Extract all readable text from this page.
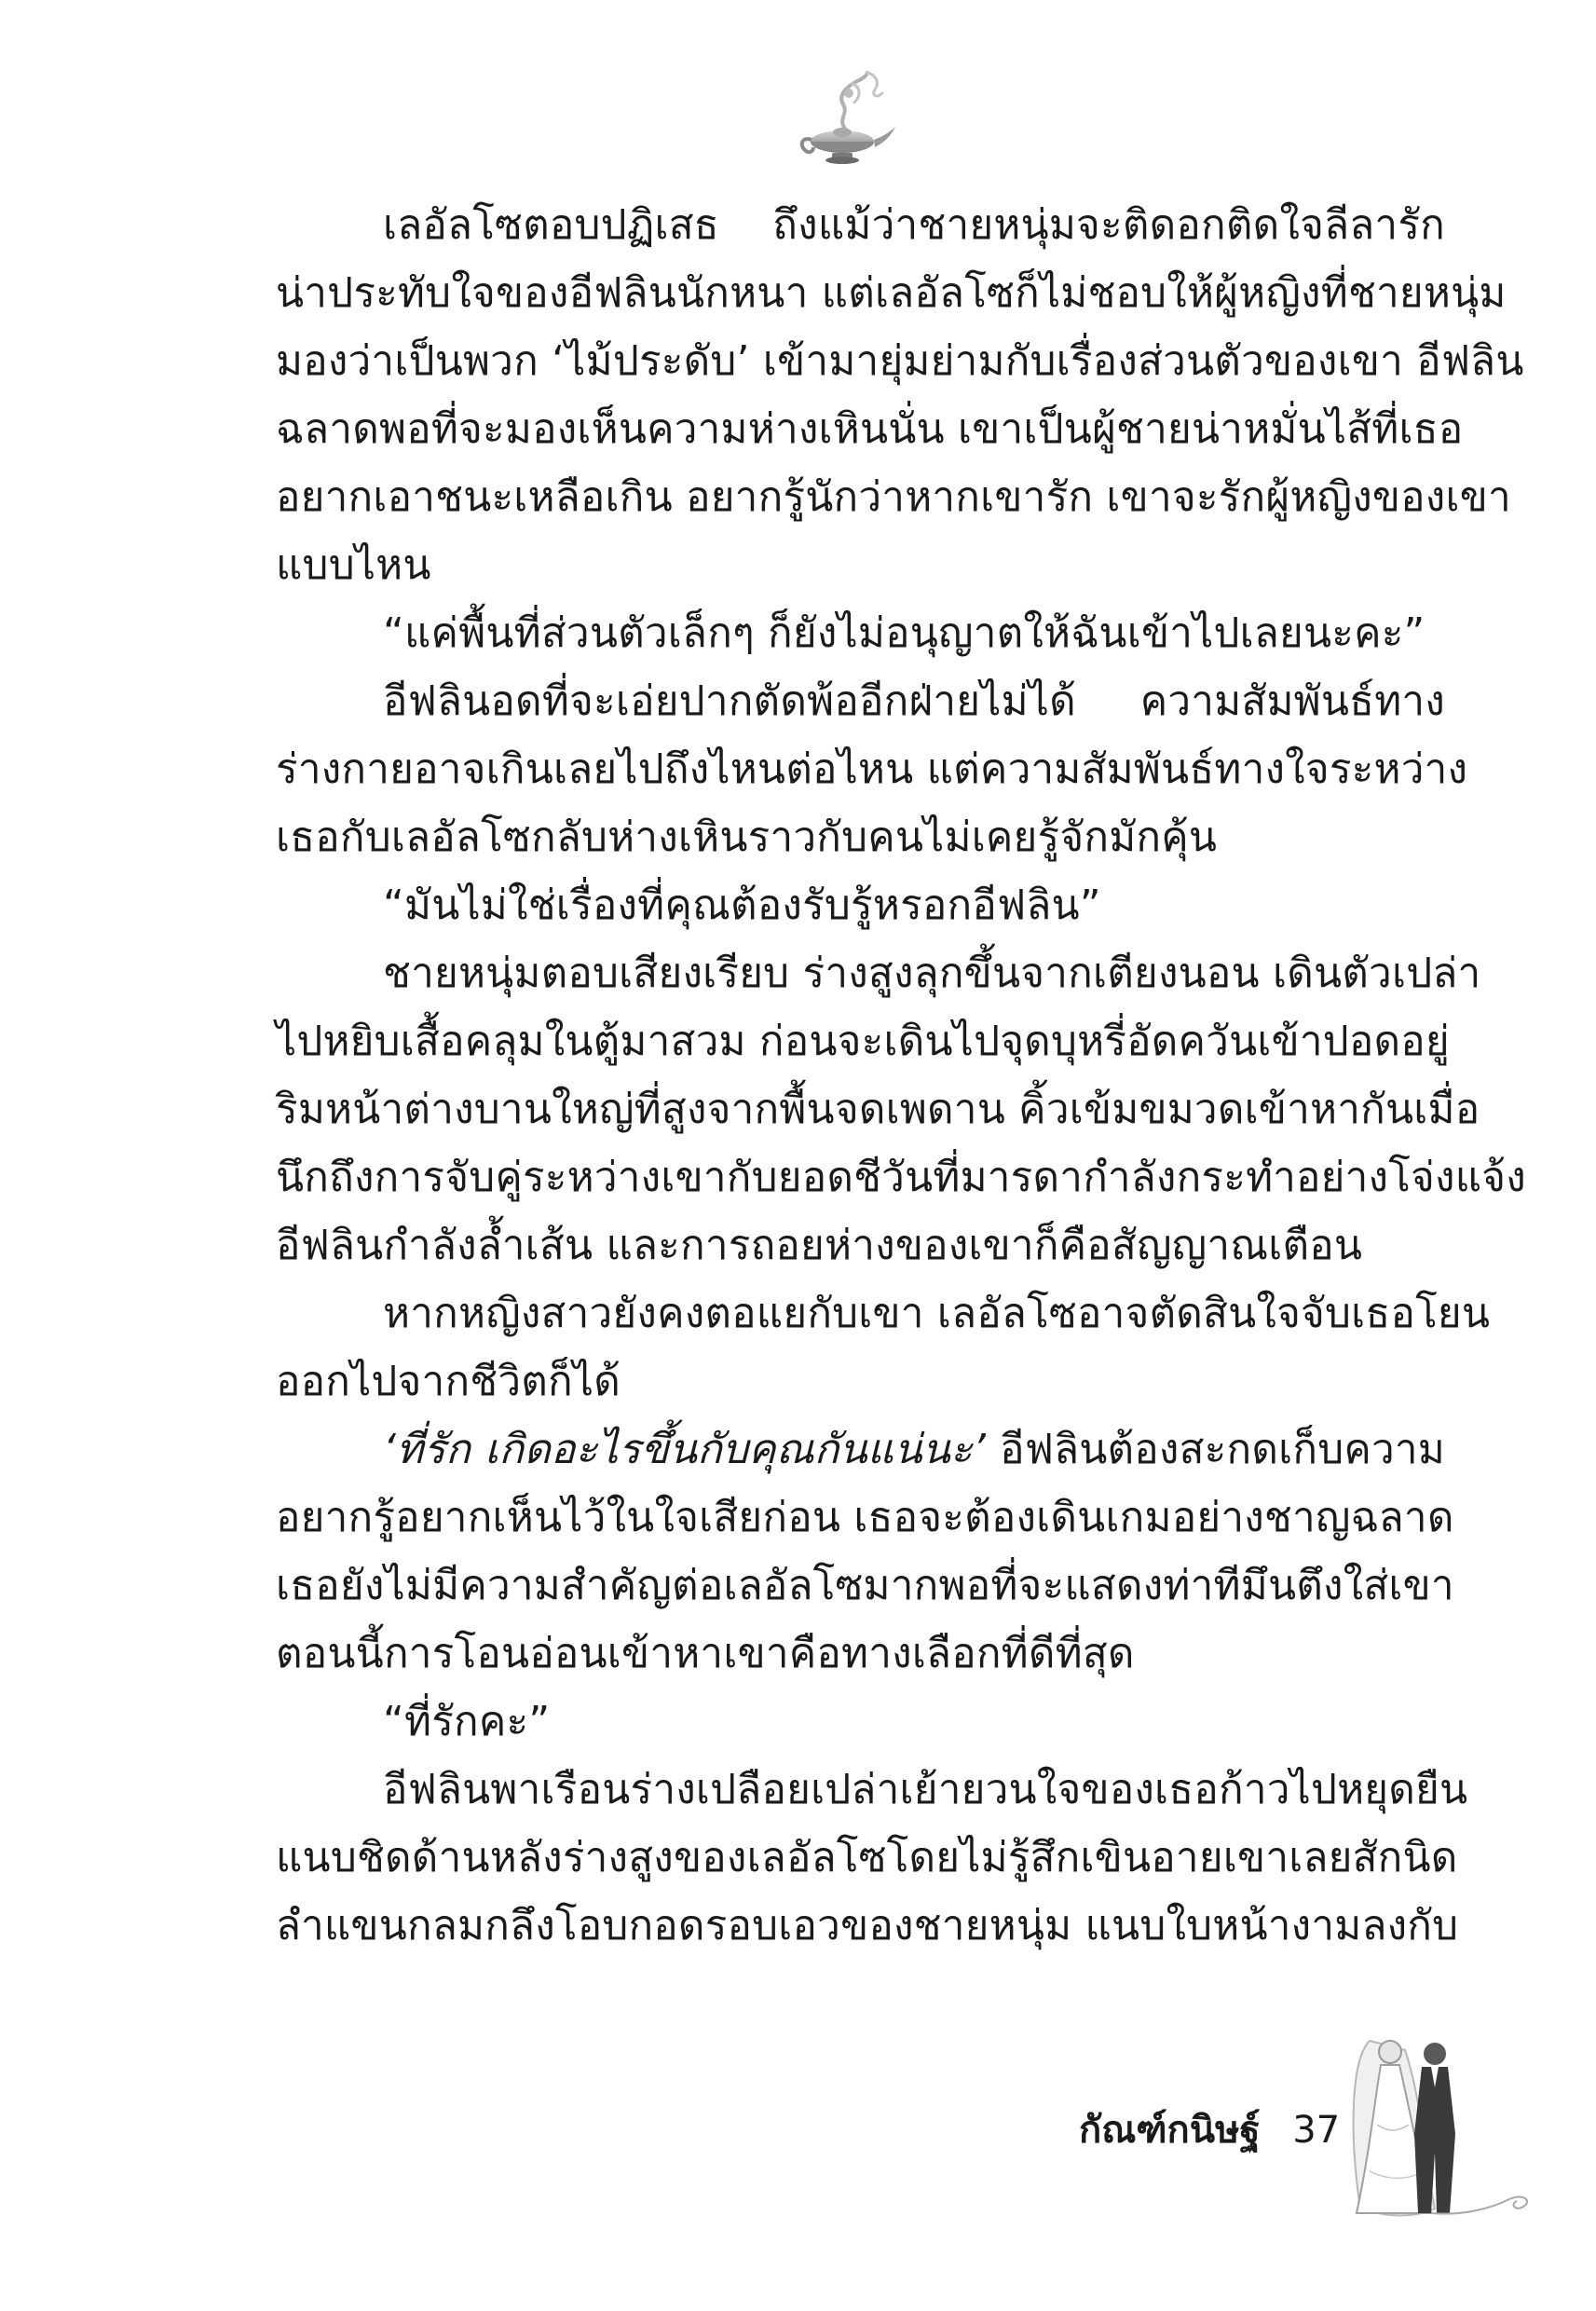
เลอัลโซตอบปฏิเสธ ถึงแม้ว่าชายหนุ่มจะติดอกติดใจลีลารัก
น่าประทับใจของอีฟลินนักหนา แต่เลอัลโซก็ไม่ชอบให้ผู้หญิงที่ชายหนุ่ม
มองว่าเป็นพวก ‘ไม้ประดับ’ เข้ามายุ่มย่ามกับเรื่องส่วนตัวของเขา อีฟลิน
ฉลาดพอที่จะมองเห็นความห่างเหินนั่น เขาเป็นผู้ชายน่าหมั่นไส้ที่เธอ
อยากเอาชนะเหลือเกิน อยากรู้นักว่าหากเขารัก เขาจะรักผู้หญิงของเขา
แบบไหน
“แค่พื้นที่ส่วนตัวเล็กๆ ก็ยังไม่อนุญาตให้ฉันเข้าไปเลยนะคะ”
อีฟลินอดที่จะเอ่ยปากตัดพ้ออีกฝ่ายไม่ได้ ความสัมพันธ์ทาง
ร่างกายอาจเกินเลยไปถึงไหนต่อไหน แต่ความสัมพันธ์ทางใจระหว่าง
เธอกับเลอัลโซกลับห่างเหินราวกับคนไม่เคยรู้จักมักคุ้น
“มันไม่ใช่เรื่องที่คุณต้องรับรู้หรอกอีฟลิน”
ชายหนุ่มตอบเสียงเรียบ ร่างสูงลุกขึ้นจากเตียงนอน เดินตัวเปล่า
ไปหยิบเสื้อคลุมในตู้มาสวม ก่อนจะเดินไปจุดบุหรี่อัดควันเข้าปอดอยู่
ริมหน้าต่างบานใหญ่ที่สูงจากพื้นจดเพดาน คิ้วเข้มขมวดเข้าหากันเมื่อ
นึกถึงการจับคู่ระหว่างเขากับยอดชีวันที่มารดากำลังกระทำอย่างโจ่งแจ้ง
อีฟลินกำลังล้ำเส้น และการถอยห่างของเขาก็คือสัญญาณเตือน
หากหญิงสาวยังคงตอแยกับเขา เลอัลโซอาจตัดสินใจจับเธอโยน
ออกไปจากชีวิตก็ได้
‘ที่รัก เกิดอะไรขึ้นกับคุณกันแน่นะ’ อีฟลินต้องสะกดเก็บความ
อยากรู้อยากเห็นไว้ในใจเสียก่อน เธอจะต้องเดินเกมอย่างชาญฉลาด
เธอยังไม่มีความสำคัญต่อเลอัลโซมากพอที่จะแสดงท่าทีมึนตึงใส่เขา
ตอนนี้การโอนอ่อนเข้าหาเขาคือทางเลือกที่ดีที่สุด
“ที่รักคะ”
อีฟลินพาเรือนร่างเปลือยเปล่าเย้ายวนใจของเธอก้าวไปหยุดยืน
แนบชิดด้านหลังร่างสูงของเลอัลโซโดยไม่รู้สึกเขินอายเขาเลยสักนิด
ลำแขนกลมกลึงโอบกอดรอบเอวของชายหนุ่ม แนบใบหน้างามลงกับ
กัณฑ์กนิษฐ์ 37
